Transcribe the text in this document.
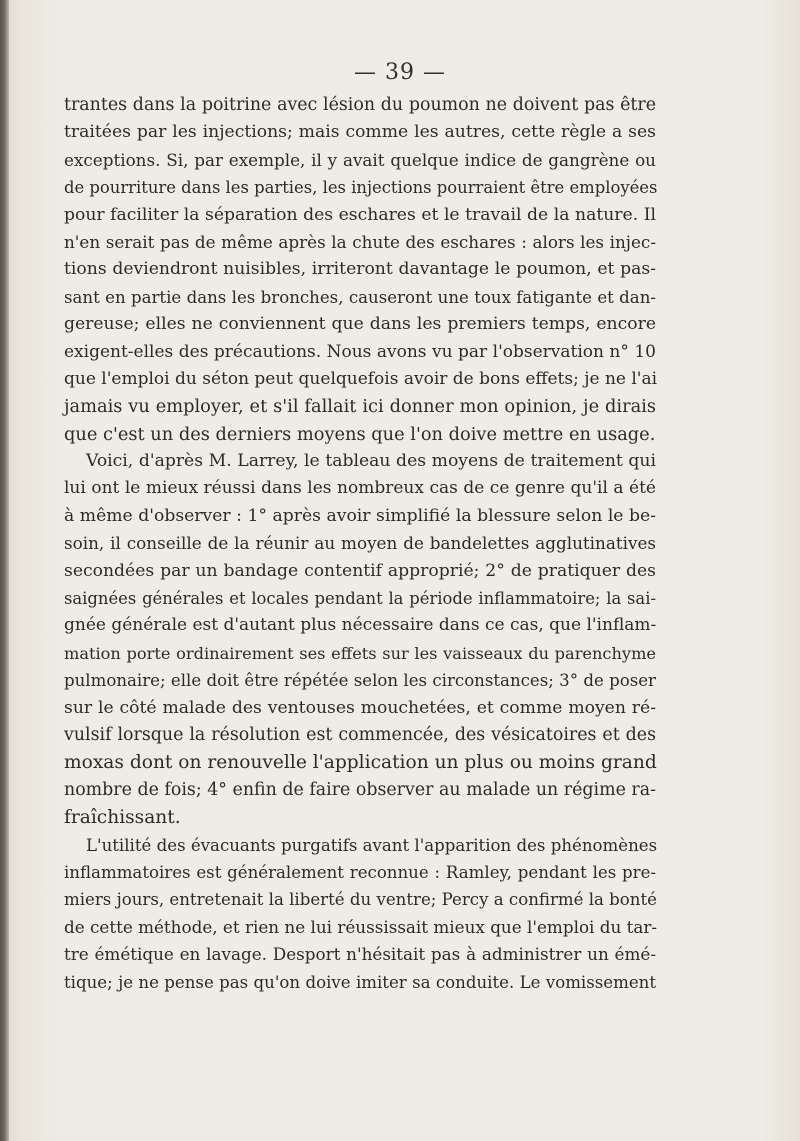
— 39 —
trantes dans la poitrine avec lésion du poumon ne doivent pas être
traitées par les injections; mais comme les autres, cette règle a ses
exceptions. Si, par exemple, il y avait quelque indice de gangrène ou
de pourriture dans les parties, les injections pourraient être employées
pour faciliter la séparation des eschares et le travail de la nature. Il
n'en serait pas de même après la chute des eschares : alors les injec-
tions deviendront nuisibles, irriteront davantage le poumon, et pas-
sant en partie dans les bronches, causeront une toux fatigante et dan-
gereuse; elles ne conviennent que dans les premiers temps, encore
exigent-elles des précautions. Nous avons vu par l'observation n° 10
que l'emploi du séton peut quelquefois avoir de bons effets; je ne l'ai
jamais vu employer, et s'il fallait ici donner mon opinion, je dirais
que c'est un des derniers moyens que l'on doive mettre en usage.
Voici, d'après M. Larrey, le tableau des moyens de traitement qui
lui ont le mieux réussi dans les nombreux cas de ce genre qu'il a été
à même d'observer : 1° après avoir simplifié la blessure selon le be-
soin, il conseille de la réunir au moyen de bandelettes agglutinatives
secondées par un bandage contentif approprié; 2° de pratiquer des
saignées générales et locales pendant la période inflammatoire; la sai-
gnée générale est d'autant plus nécessaire dans ce cas, que l'inflam-
mation porte ordinairement ses effets sur les vaisseaux du parenchyme
pulmonaire; elle doit être répétée selon les circonstances; 3° de poser
sur le côté malade des ventouses mouchetées, et comme moyen ré-
vulsif lorsque la résolution est commencée, des vésicatoires et des
moxas dont on renouvelle l'application un plus ou moins grand
nombre de fois; 4° enfin de faire observer au malade un régime ra-
fraîchissant.
L'utilité des évacuants purgatifs avant l'apparition des phénomènes
inflammatoires est généralement reconnue : Ramley, pendant les pre-
miers jours, entretenait la liberté du ventre; Percy a confirmé la bonté
de cette méthode, et rien ne lui réussissait mieux que l'emploi du tar-
tre émétique en lavage. Desport n'hésitait pas à administrer un émé-
tique; je ne pense pas qu'on doive imiter sa conduite. Le vomissement
